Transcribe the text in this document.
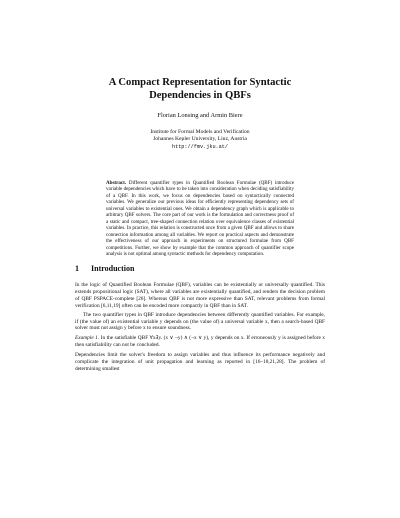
A Compact Representation for Syntactic
Dependencies in QBFs
Florian Lonsing and Armin Biere
Institute for Formal Models and Verification
Johannes Kepler University, Linz, Austria
http://fmv.jku.at/
Abstract. Different quantifier types in Quantified Boolean Formulae (QBF) introduce variable dependencies which have to be taken into consideration when deciding satisfiability of a QBF. In this work, we focus on dependencies based on syntactically connected variables. We generalize our previous ideas for efficiently representing dependency sets of universal variables to existential ones. We obtain a dependency graph which is applicable to arbitrary QBF solvers. The core part of our work is the formulation and correctness proof of a static and compact, tree-shaped connection relation over equivalence classes of existential variables. In practice, this relation is constructed once from a given QBF and allows to share connection information among all variables. We report on practical aspects and demonstrate the effectiveness of our approach in experiments on structured formulae from QBF competitions. Further, we show by example that the common approach of quantifier scope analysis is not optimal among syntactic methods for dependency computation.
1 Introduction

In the logic of Quantified Boolean Formulae (QBF), variables can be existentially or universally quantified. This extends propositional logic (SAT), where all variables are existentially quantified, and renders the decision problem of QBF PSPACE-complete [26]. Whereas QBF is not more expressive than SAT, relevant problems from formal verification [6,11,19] often can be encoded more compactly in QBF than in SAT.

The two quantifier types in QBF introduce dependencies between differently quantified variables. For example, if (the value of) an existential variable y depends on (the value of) a universal variable x, then a search-based QBF solver must not assign y before x to ensure soundness.

Example 1. In the satisfiable QBF ∀x∃y. (x ∨ ¬y) ∧ (¬x ∨ y), y depends on x. If erroneously y is assigned before x then satisfiability can not be concluded.

Dependencies limit the solver's freedom to assign variables and thus influence its performance negatively and complicate the integration of unit propagation and learning as reported in [16–18,21,28]. The problem of determining smallest
